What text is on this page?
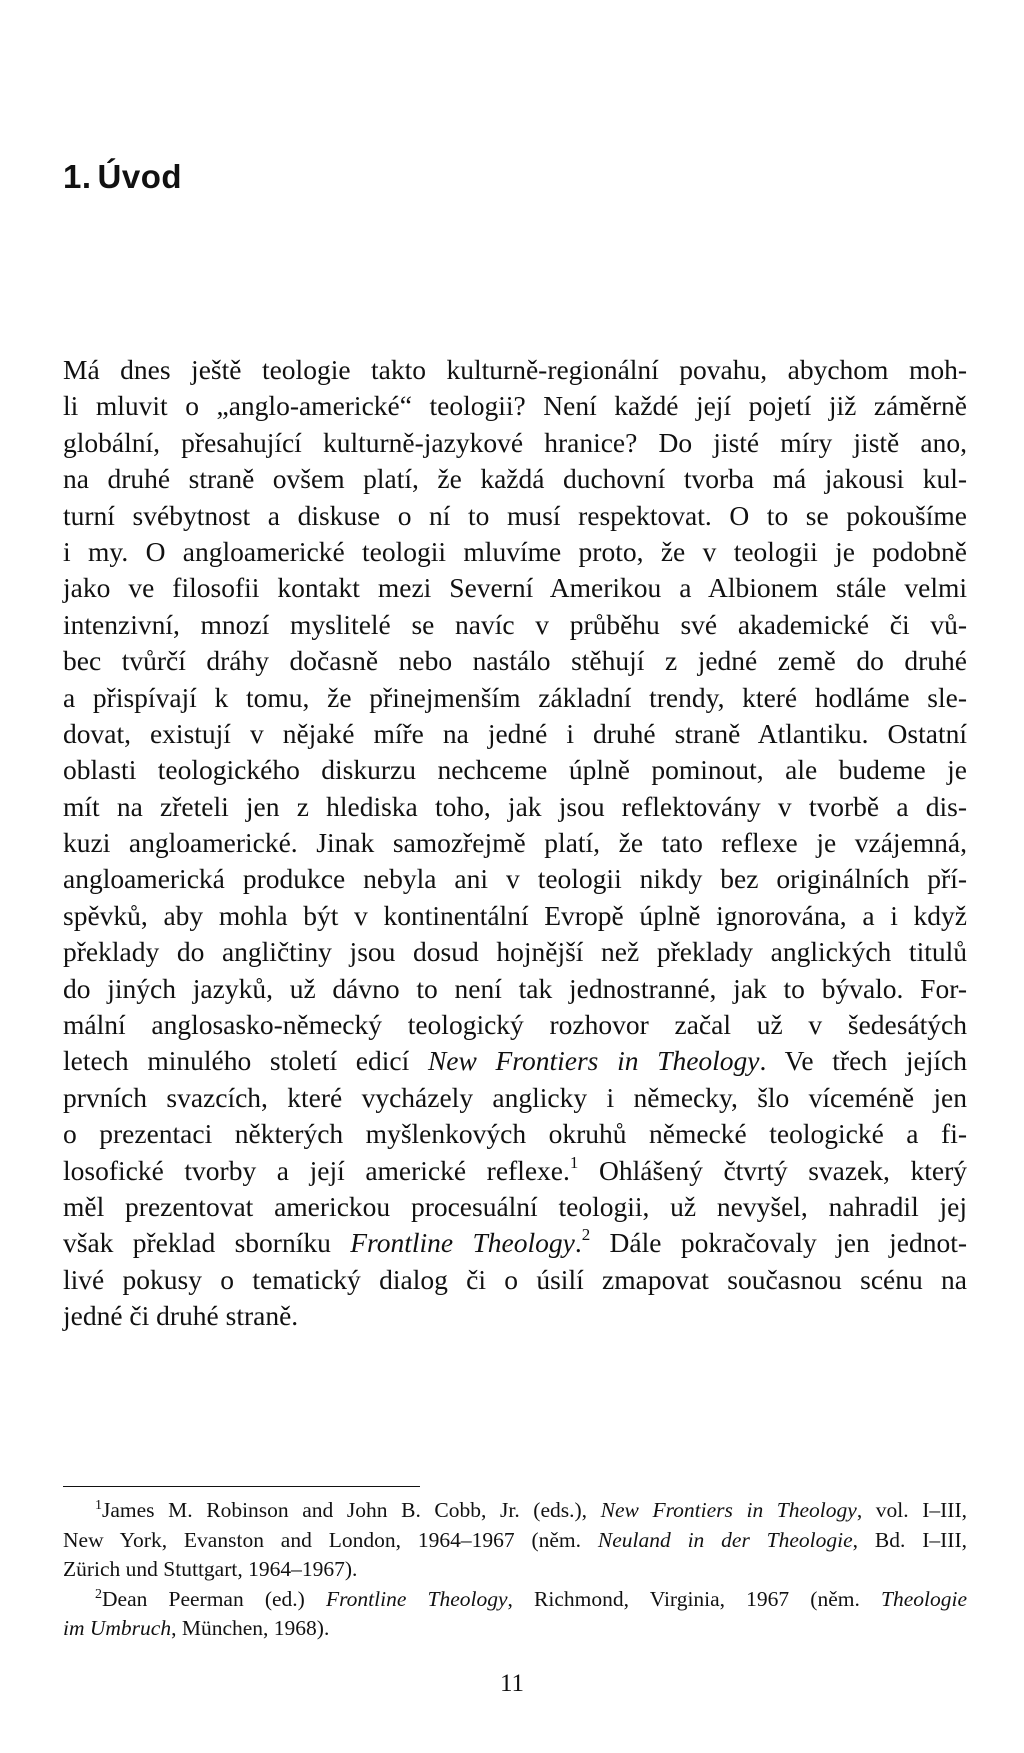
1. Úvod
Má dnes ještě teologie takto kulturně-regionální povahu, abychom moh-
li mluvit o „anglo-americké“ teologii? Není každé její pojetí již záměrně
globální, přesahující kulturně-jazykové hranice? Do jisté míry jistě ano,
na druhé straně ovšem platí, že každá duchovní tvorba má jakousi kul-
turní svébytnost a diskuse o ní to musí respektovat. O to se pokoušíme
i my. O angloamerické teologii mluvíme proto, že v teologii je podobně
jako ve filosofii kontakt mezi Severní Amerikou a Albionem stále velmi
intenzivní, mnozí myslitelé se navíc v průběhu své akademické či vů-
bec tvůrčí dráhy dočasně nebo nastálo stěhují z jedné země do druhé
a přispívají k tomu, že přinejmenším základní trendy, které hodláme sle-
dovat, existují v nějaké míře na jedné i druhé straně Atlantiku. Ostatní
oblasti teologického diskurzu nechceme úplně pominout, ale budeme je
mít na zřeteli jen z hlediska toho, jak jsou reflektovány v tvorbě a dis-
kuzi angloamerické. Jinak samozřejmě platí, že tato reflexe je vzájemná,
angloamerická produkce nebyla ani v teologii nikdy bez originálních pří-
spěvků, aby mohla být v kontinentální Evropě úplně ignorována, a i když
překlady do angličtiny jsou dosud hojnější než překlady anglických titulů
do jiných jazyků, už dávno to není tak jednostranné, jak to bývalo. For-
mální anglosasko-německý teologický rozhovor začal už v šedesátých
letech minulého století edicí New Frontiers in Theology. Ve třech jejích
prvních svazcích, které vycházely anglicky i německy, šlo víceméně jen
o prezentaci některých myšlenkových okruhů německé teologické a fi-
losofické tvorby a její americké reflexe.$^1$ Ohlášený čtvrtý svazek, který
měl prezentovat americkou procesuální teologii, už nevyšel, nahradil jej
však překlad sborníku Frontline Theology.$^2$ Dále pokračovaly jen jednot-
livé pokusy o tematický dialog či o úsilí zmapovat současnou scénu na
jedné či druhé straně.
$^1$James M. Robinson and John B. Cobb, Jr. (eds.), New Frontiers in Theology, vol. I–III,
New York, Evanston and London, 1964–1967 (něm. Neuland in der Theologie, Bd. I–III,
Zürich und Stuttgart, 1964–1967).
$^2$Dean Peerman (ed.) Frontline Theology, Richmond, Virginia, 1967 (něm. Theologie
im Umbruch, München, 1968).
11
